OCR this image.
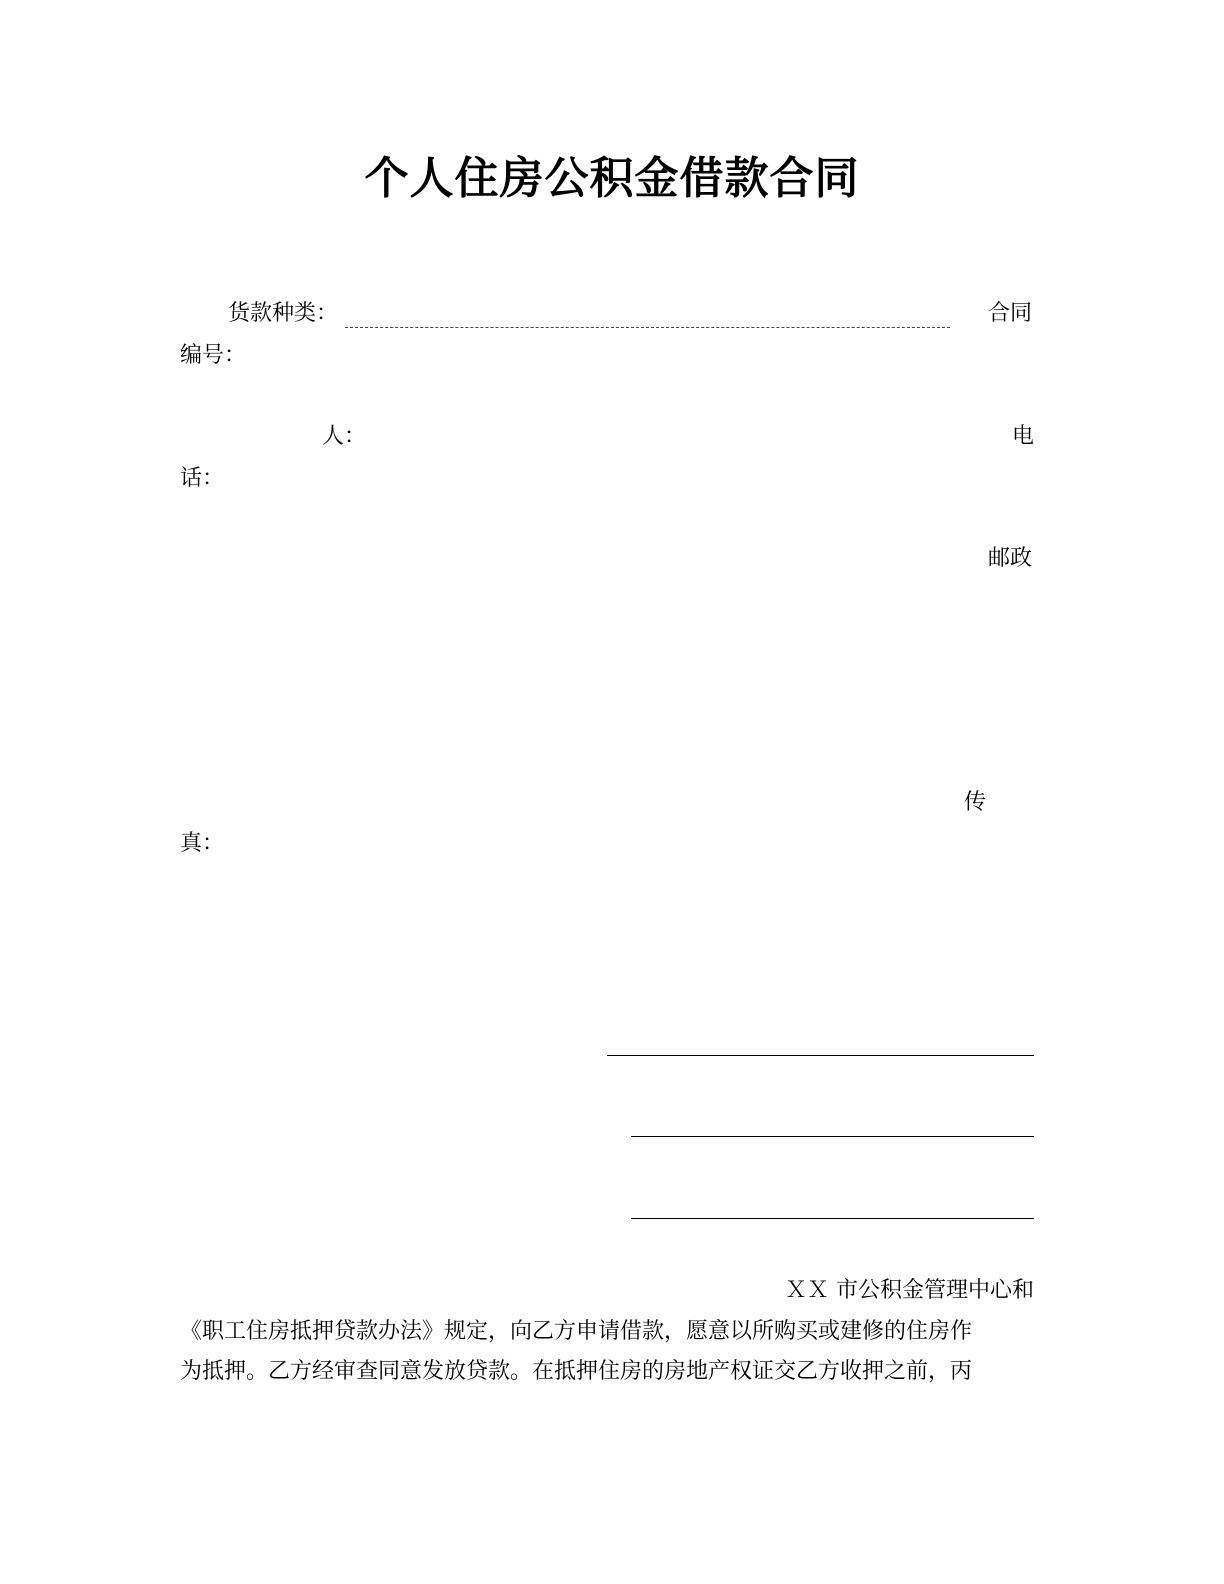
个人住房公积金借款合同
货款种类：	合同
编号：
人：	电
话：
邮政
传
真：
ＸＸ 市公积金管理中心和
《职工住房抵押贷款办法》规定，向乙方申请借款，愿意以所购买或建修的住房作
为抵押。乙方经审查同意发放贷款。在抵押住房的房地产权证交乙方收押之前，丙
